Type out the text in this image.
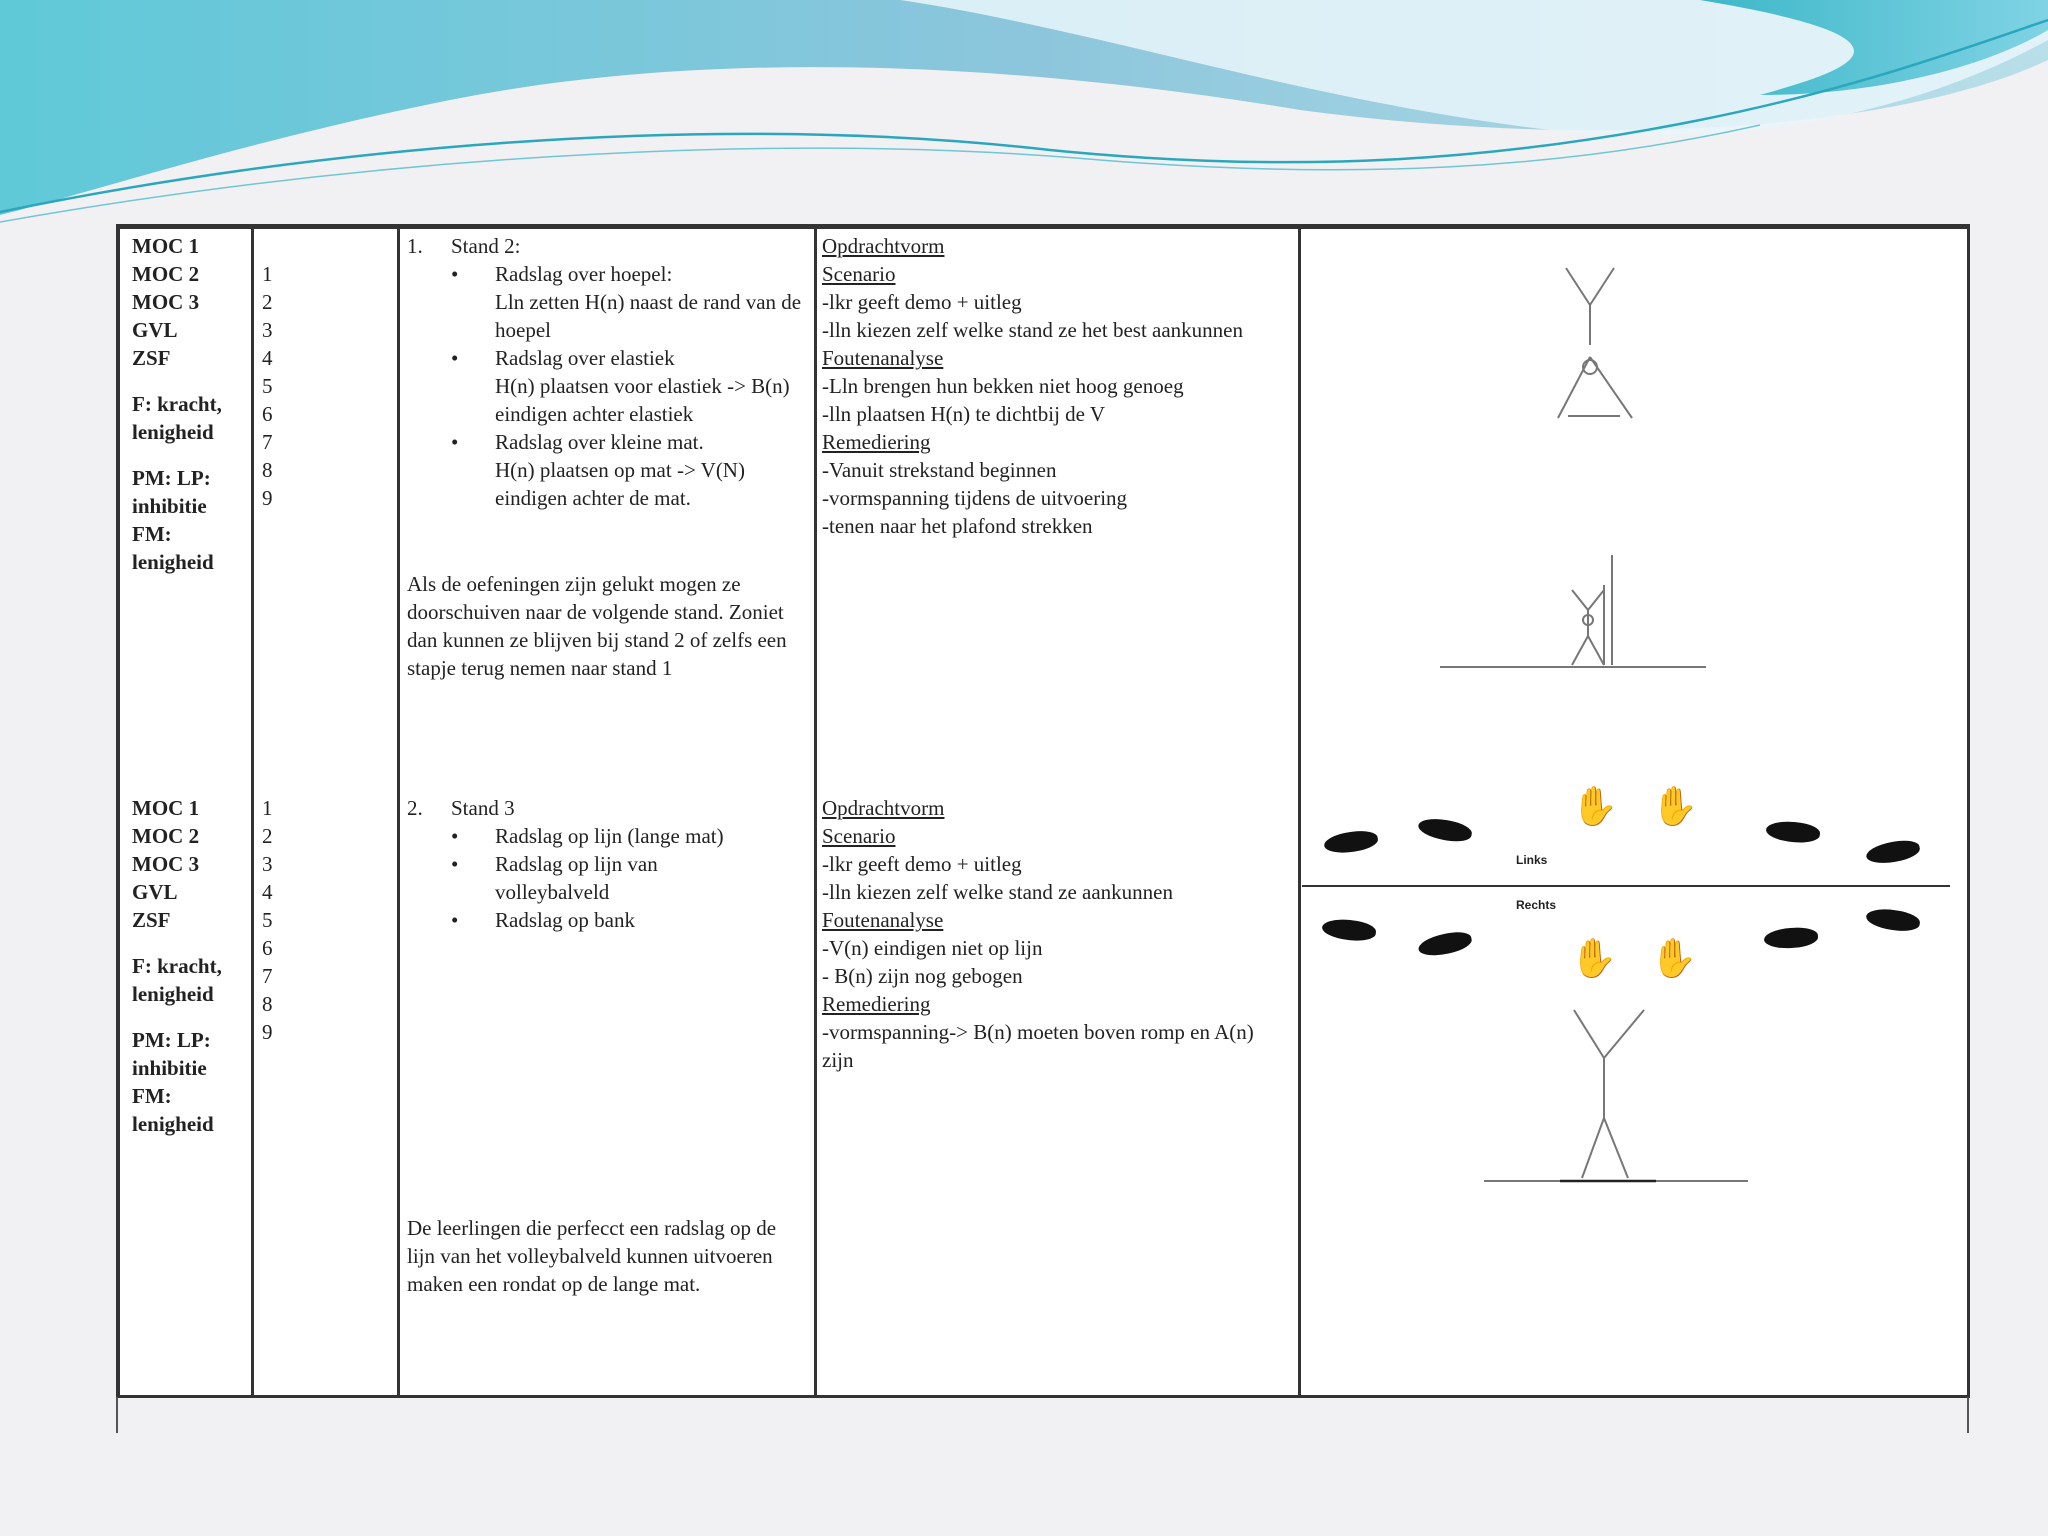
MOC 1
MOC 2
MOC 3
GVL
ZSF
F: kracht,
lenigheid
PM: LP:
inhibitie
FM:
lenigheid
1
2
3
4
5
6
7
8
9
1.	Stand 2:
• Radslag over hoepel:
Lln zetten H(n) naast de rand van de hoepel
• Radslag over elastiek
H(n) plaatsen voor elastiek -> B(n) eindigen achter elastiek
• Radslag over kleine mat.
H(n) plaatsen op mat -> V(N) eindigen achter de mat.
Als de oefeningen zijn gelukt mogen ze doorschuiven naar de volgende stand. Zoniet dan kunnen ze blijven bij stand 2 of zelfs een stapje terug nemen naar stand 1
Opdrachtvorm
Scenario
-lkr geeft demo + uitleg
-lln kiezen zelf welke stand ze het best aankunnen
Foutenanalyse
-Lln brengen hun bekken niet hoog genoeg
-lln plaatsen H(n) te dichtbij de V
Remediering
-Vanuit strekstand beginnen
-vormspanning tijdens de uitvoering
-tenen naar het plafond strekken
MOC 1
MOC 2
MOC 3
GVL
ZSF
F: kracht,
lenigheid
PM: LP:
inhibitie
FM:
lenigheid
1
2
3
4
5
6
7
8
9
2.	Stand 3
• Radslag op lijn (lange mat)
• Radslag op lijn van volleybalveld
• Radslag op bank
De leerlingen die perfecct een radslag op de lijn van het volleybalveld kunnen uitvoeren maken een rondat op de lange mat.
Opdrachtvorm
Scenario
-lkr geeft demo + uitleg
-lln kiezen zelf welke stand ze aankunnen
Foutenanalyse
-V(n) eindigen niet op lijn
- B(n) zijn nog gebogen
Remediering
-vormspanning-> B(n) moeten boven romp en A(n) zijn
✋ ✋
Links
Rechts
✋ ✋
